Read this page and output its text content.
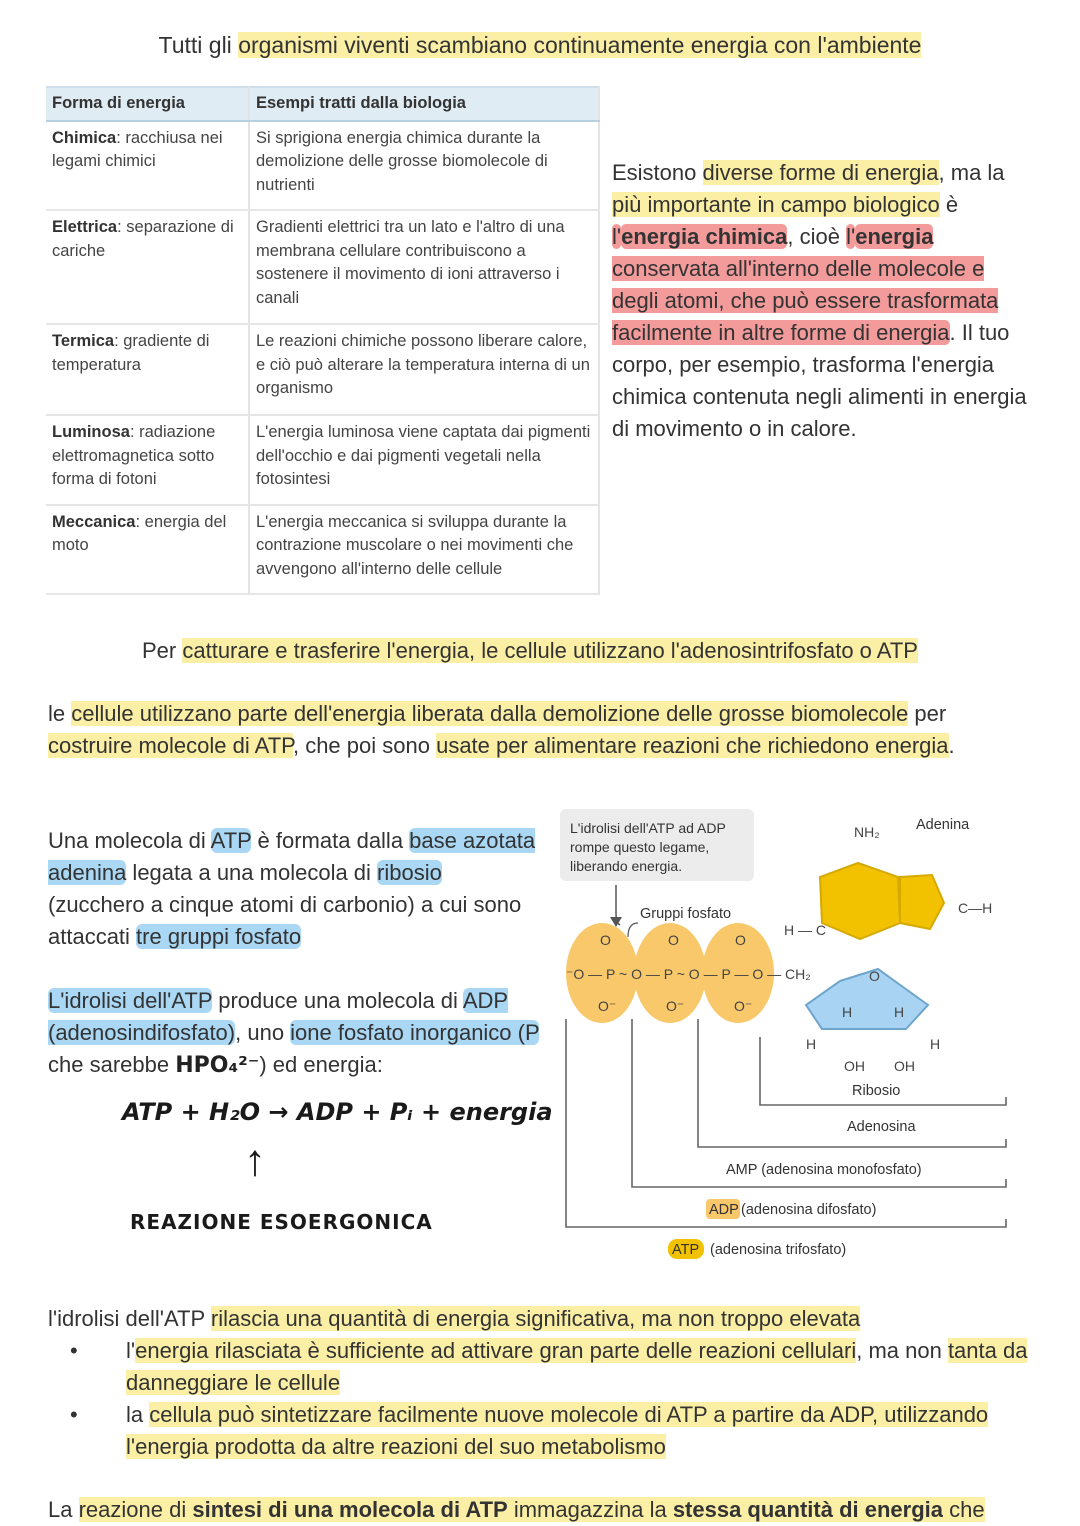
Tutti gli organismi viventi scambiano continuamente energia con l'ambiente
Forma di energia	Esempi tratti dalla biologia
Chimica: racchiusa nei legami chimici	Si sprigiona energia chimica durante la demolizione delle grosse biomolecole di nutrienti
Elettrica: separazione di cariche	Gradienti elettrici tra un lato e l'altro di una membrana cellulare contribuiscono a sostenere il movimento di ioni attraverso i canali
Termica: gradiente di temperatura	Le reazioni chimiche possono liberare calore, e ciò può alterare la temperatura interna di un organismo
Luminosa: radiazione elettromagnetica sotto forma di fotoni	L'energia luminosa viene captata dai pigmenti dell'occhio e dai pigmenti vegetali nella fotosintesi
Meccanica: energia del moto	L'energia meccanica si sviluppa durante la contrazione muscolare o nei movimenti che avvengono all'interno delle cellule
Esistono diverse forme di energia, ma la più importante in campo biologico è l'energia chimica, cioè l'energia conservata all'interno delle molecole e degli atomi, che può essere trasformata facilmente in altre forme di energia. Il tuo corpo, per esempio, trasforma l'energia chimica contenuta negli alimenti in energia di movimento o in calore.
Per catturare e trasferire l'energia, le cellule utilizzano l'adenosintrifosfato o ATP
le cellule utilizzano parte dell'energia liberata dalla demolizione delle grosse biomolecole per costruire molecole di ATP, che poi sono usate per alimentare reazioni che richiedono energia.
Una molecola di ATP è formata dalla base azotata adenina legata a una molecola di ribosio (zucchero a cinque atomi di carbonio) a cui sono attaccati tre gruppi fosfato
L'idrolisi dell'ATP produce una molecola di ADP (adenosindifosfato), uno ione fosfato inorganico (P che sarebbe HPO₄²⁻) ed energia:
ATP + H₂O → ADP + Pᵢ + energia
↑
REAZIONE ESOERGONICA
L'idrolisi dell'ATP ad ADP
rompe questo legame,
liberando energia.
Gruppi fosfato
O	O	O
⁻O — P ~ O — P ~ O — P — O — CH₂
O⁻	O⁻	O⁻
NH₂	Adenina
C—H
H — C
O
H	H
H	H
OH OH
Ribosio
Adenosina
AMP (adenosina monofosfato)
ADP (adenosina difosfato)
ATP (adenosina trifosfato)
l'idrolisi dell'ATP rilascia una quantità di energia significativa, ma non troppo elevata
• l'energia rilasciata è sufficiente ad attivare gran parte delle reazioni cellulari, ma non tanta da danneggiare le cellule
• la cellula può sintetizzare facilmente nuove molecole di ATP a partire da ADP, utilizzando l'energia prodotta da altre reazioni del suo metabolismo
La reazione di sintesi di una molecola di ATP immagazzina la stessa quantità di energia che
